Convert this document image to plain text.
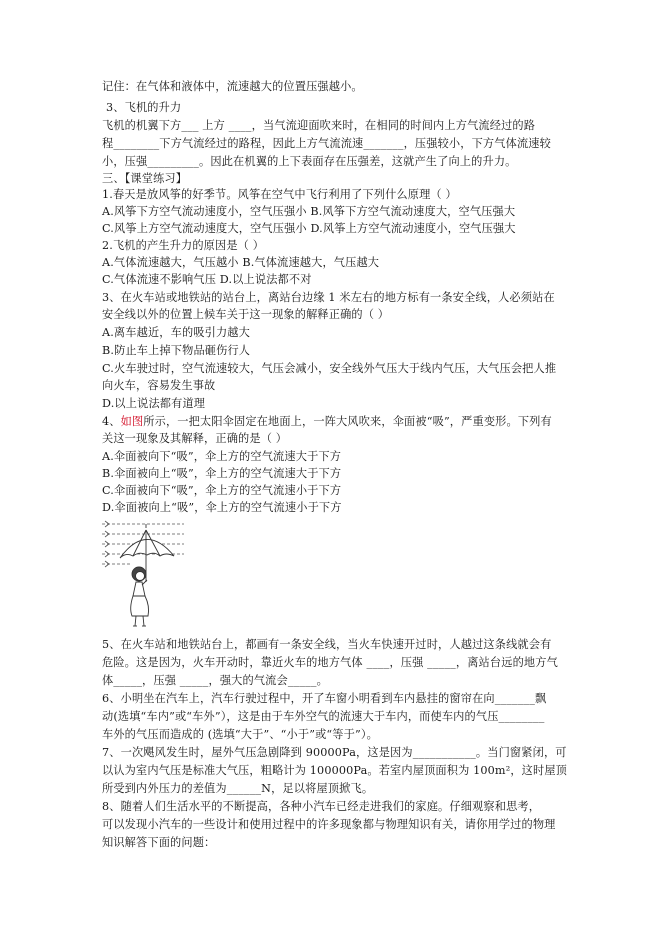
记住：在气体和液体中，流速越大的位置压强越小。
3、飞机的升力
飞机的机翼下方___ 上方 ____，当气流迎面吹来时，在相同的时间内上方气流经过的路
程________下方气流经过的路程，因此上方气流流速_______，压强较小，下方气体流速较
小，压强_________。因此在机翼的上下表面存在压强差，这就产生了向上的升力。
三、【课堂练习】
1.春天是放风筝的好季节。风筝在空气中飞行利用了下列什么原理（ ）
A.风筝下方空气流动速度小，空气压强小 B.风筝下方空气流动速度大，空气压强大
C.风筝上方空气流动速度大，空气压强小 D.风筝上方空气流动速度小，空气压强大
2.飞机的产生升力的原因是（ ）
A.气体流速越大，气压越小 B.气体流速越大，气压越大
C.气体流速不影响气压 D.以上说法都不对
3、在火车站或地铁站的站台上，离站台边缘 1 米左右的地方标有一条安全线，人必须站在
安全线以外的位置上候车关于这一现象的解释正确的（ ）
A.离车越近，车的吸引力越大
B.防止车上掉下物品砸伤行人
C.火车驶过时，空气流速较大，气压会减小，安全线外气压大于线内气压，大气压会把人推
向火车，容易发生事故
D.以上说法都有道理
4、如图所示，一把太阳伞固定在地面上，一阵大风吹来，伞面被“吸”，严重变形。下列有
关这一现象及其解释，正确的是（ ）
A.伞面被向下“吸”，伞上方的空气流速大于下方
B.伞面被向上“吸”，伞上方的空气流速大于下方
C.伞面被向下“吸”，伞上方的空气流速小于下方
D.伞面被向上“吸”，伞上方的空气流速小于下方
5、在火车站和地铁站台上，都画有一条安全线，当火车快速开过时，人越过这条线就会有
危险。这是因为，火车开动时，靠近火车的地方气体 ____，压强 _____，离站台远的地方气
体_____，压强 _____，强大的气流会_____。
6、小明坐在汽车上，汽车行驶过程中，开了车窗小明看到车内悬挂的窗帘在向_______飘
动(选填“车内”或“车外”），这是由于车外空气的流速大于车内，而使车内的气压________
车外的气压而造成的 (选填“大于”、“小于”或“等于”）。
7、一次飓风发生时，屋外气压急剧降到 90000Pa，这是因为___________。当门窗紧闭，可
以认为室内气压是标准大气压，粗略计为 100000Pa。若室内屋顶面积为 100m²，这时屋顶
所受到内外压力的差值为______N，足以将屋顶掀飞。
8、随着人们生活水平的不断提高，各种小汽车已经走进我们的家庭。仔细观察和思考，
可以发现小汽车的一些设计和使用过程中的许多现象都与物理知识有关，请你用学过的物理
知识解答下面的问题：
